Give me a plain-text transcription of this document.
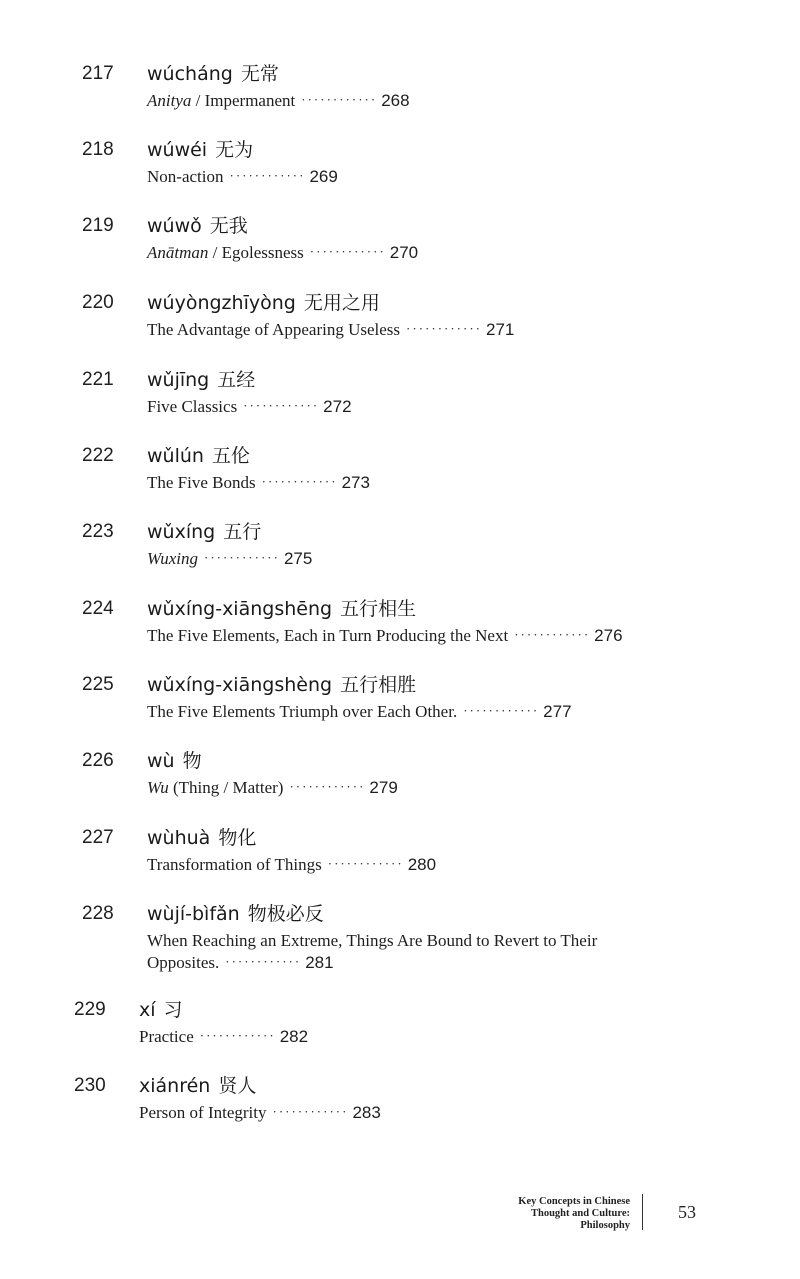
217 wúcháng 无常
Anitya / Impermanent ············ 268
218 wúwéi 无为
Non-action ············ 269
219 wúwǒ 无我
Anātman / Egolessness ············ 270
220 wúyòngzhīyòng 无用之用
The Advantage of Appearing Useless ············ 271
221 wǔjīng 五经
Five Classics ············ 272
222 wǔlún 五伦
The Five Bonds ············ 273
223 wǔxíng 五行
Wuxing ············ 275
224 wǔxíng-xiāngshēng 五行相生
The Five Elements, Each in Turn Producing the Next ············ 276
225 wǔxíng-xiāngshèng 五行相胜
The Five Elements Triumph over Each Other. ············ 277
226 wù 物
Wu (Thing / Matter) ············ 279
227 wùhuà 物化
Transformation of Things ············ 280
228 wùjí-bìfǎn 物极必反
When Reaching an Extreme, Things Are Bound to Revert to Their Opposites. ············ 281
229 xí 习
Practice ············ 282
230 xiánrén 贤人
Person of Integrity ············ 283
Key Concepts in Chinese
Thought and Culture:
Philosophy
53
